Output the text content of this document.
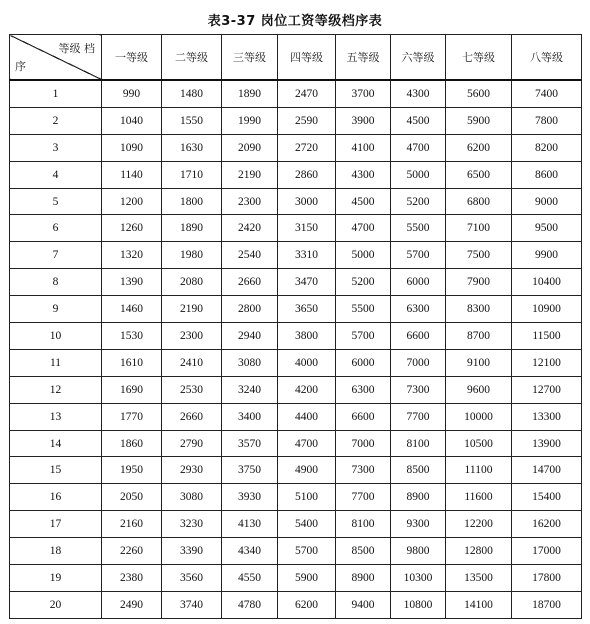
表3-37 岗位工资等级档序表
等级 档
序	一等级	二等级	三等级	四等级	五等级	六等级	七等级	八等级
1	990	1480	1890	2470	3700	4300	5600	7400
2	1040	1550	1990	2590	3900	4500	5900	7800
3	1090	1630	2090	2720	4100	4700	6200	8200
4	1140	1710	2190	2860	4300	5000	6500	8600
5	1200	1800	2300	3000	4500	5200	6800	9000
6	1260	1890	2420	3150	4700	5500	7100	9500
7	1320	1980	2540	3310	5000	5700	7500	9900
8	1390	2080	2660	3470	5200	6000	7900	10400
9	1460	2190	2800	3650	5500	6300	8300	10900
10	1530	2300	2940	3800	5700	6600	8700	11500
11	1610	2410	3080	4000	6000	7000	9100	12100
12	1690	2530	3240	4200	6300	7300	9600	12700
13	1770	2660	3400	4400	6600	7700	10000	13300
14	1860	2790	3570	4700	7000	8100	10500	13900
15	1950	2930	3750	4900	7300	8500	11100	14700
16	2050	3080	3930	5100	7700	8900	11600	15400
17	2160	3230	4130	5400	8100	9300	12200	16200
18	2260	3390	4340	5700	8500	9800	12800	17000
19	2380	3560	4550	5900	8900	10300	13500	17800
20	2490	3740	4780	6200	9400	10800	14100	18700
